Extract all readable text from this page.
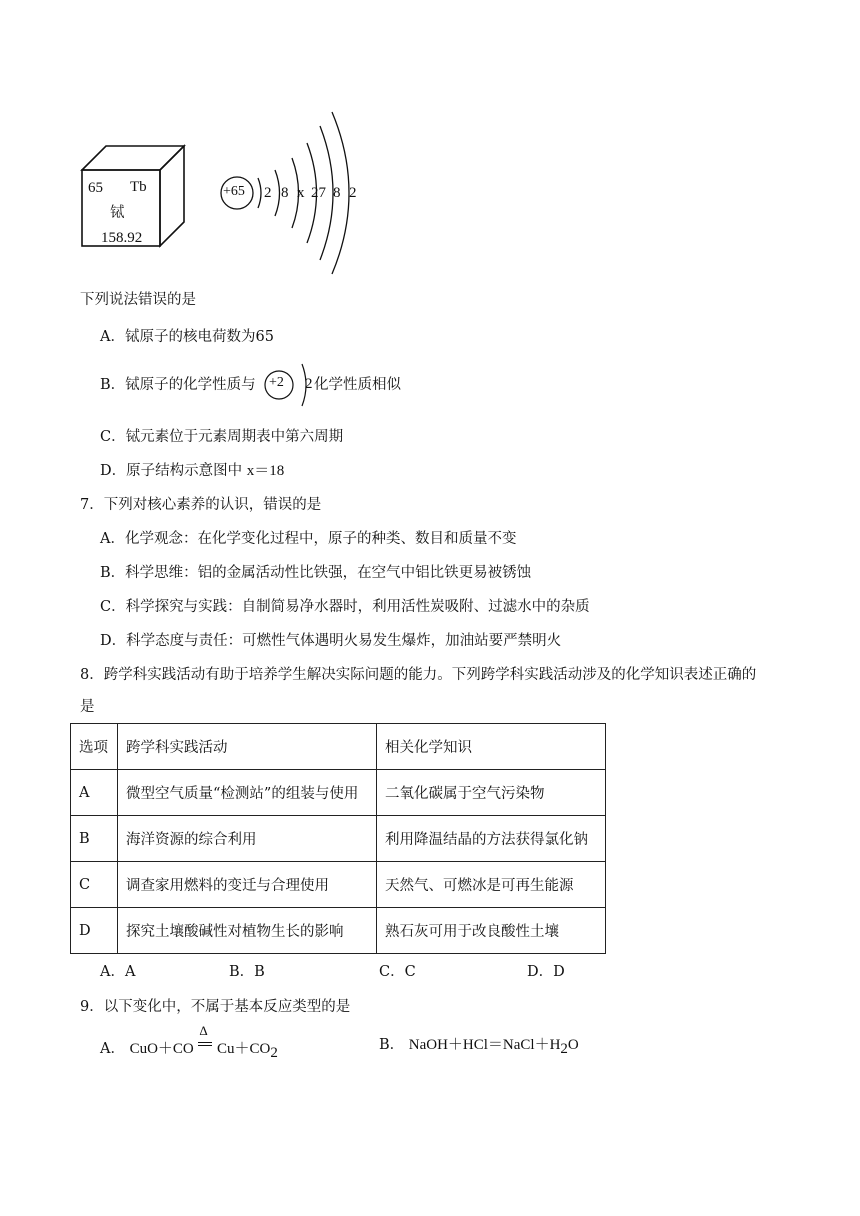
65 Tb
铽
158.92
+65 2 8 x 27 8 2
下列说法错误的是
A．铽原子的核电荷数为65
B．铽原子的化学性质与 +2 2 化学性质相似
C．铽元素位于元素周期表中第六周期
D．原子结构示意图中 x＝18
7．下列对核心素养的认识，错误的是
A．化学观念：在化学变化过程中，原子的种类、数目和质量不变
B．科学思维：铝的金属活动性比铁强，在空气中铝比铁更易被锈蚀
C．科学探究与实践：自制简易净水器时，利用活性炭吸附、过滤水中的杂质
D．科学态度与责任：可燃性气体遇明火易发生爆炸，加油站要严禁明火
8．跨学科实践活动有助于培养学生解决实际问题的能力。下列跨学科实践活动涉及的化学知识表述正确的
是
选项	跨学科实践活动	相关化学知识
A	微型空气质量“检测站”的组装与使用	二氧化碳属于空气污染物
B	海洋资源的综合利用	利用降温结晶的方法获得氯化钠
C	调查家用燃料的变迁与合理使用	天然气、可燃冰是可再生能源
D	探究土壤酸碱性对植物生长的影响	熟石灰可用于改良酸性土壤
A．A	B．B	C．C	D．D
9．以下变化中，不属于基本反应类型的是
A． CuO＋CO
Δ
$Cu+CO_2$	B． $NaOH+HCl=NaCl+H_2O$
